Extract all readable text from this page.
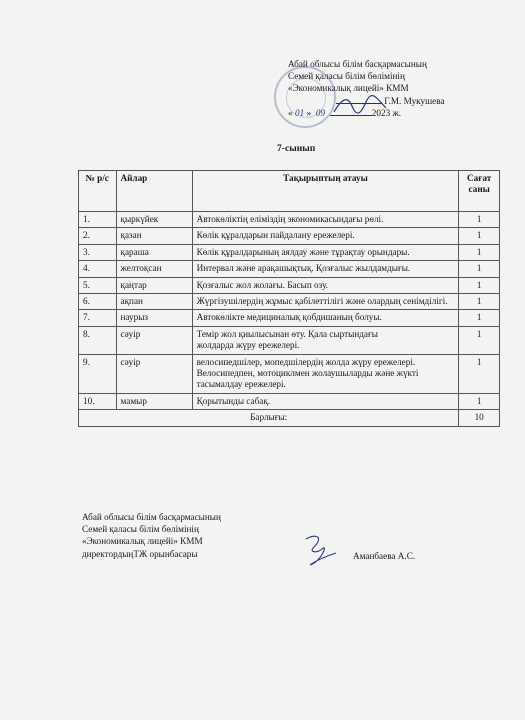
Абай облысы білім басқармасының
Семей қаласы білім бөлімінің
«Экономикалық лицейі» КММ
Г.М. Мукушева
« 01 » 09	2023 ж.
7-сынып
№ р/с	Айлар	Тақырыптың атауы	Сағат саны
1.	қыркүйек	Автокөліктің еліміздің экономикасындағы рөлі.	1
2.	қазан	Көлік құралдарын пайдалану ережелері.	1
3.	қараша	Көлік құралдарының аялдау және тұрақтау орындары.	1
4.	желтоқсан	Интервал және арақашықтық. Қозғалыс жылдамдығы.	1
5.	қаңтар	Қозғалыс жол жолағы. Басып озу.	1
6.	ақпан	Жүргізушілердің жұмыс қабілеттілігі және олардың сенімділігі.	1
7.	наурыз	Автокөлікте медициналық қобдишаның болуы.	1
8.	сәуір	Темір жол қиылысынан өту. Қала сыртындағы жолдарда жүру ережелері.	1
9.	сәуір	велосипедшілер, мопедшілердің жолда жүру ережелері. Велосипедпен, мотоциклмен жолаушыларды және жүкті тасымалдау ережелері.	1
10.	мамыр	Қорытынды сабақ.	1
Барлығы:			10
Абай облысы білім басқармасының
Семей қаласы білім бөлімінің
«Экономикалық лицейі» КММ
директордыңТЖ орынбасары	Аманбаева А.С.
